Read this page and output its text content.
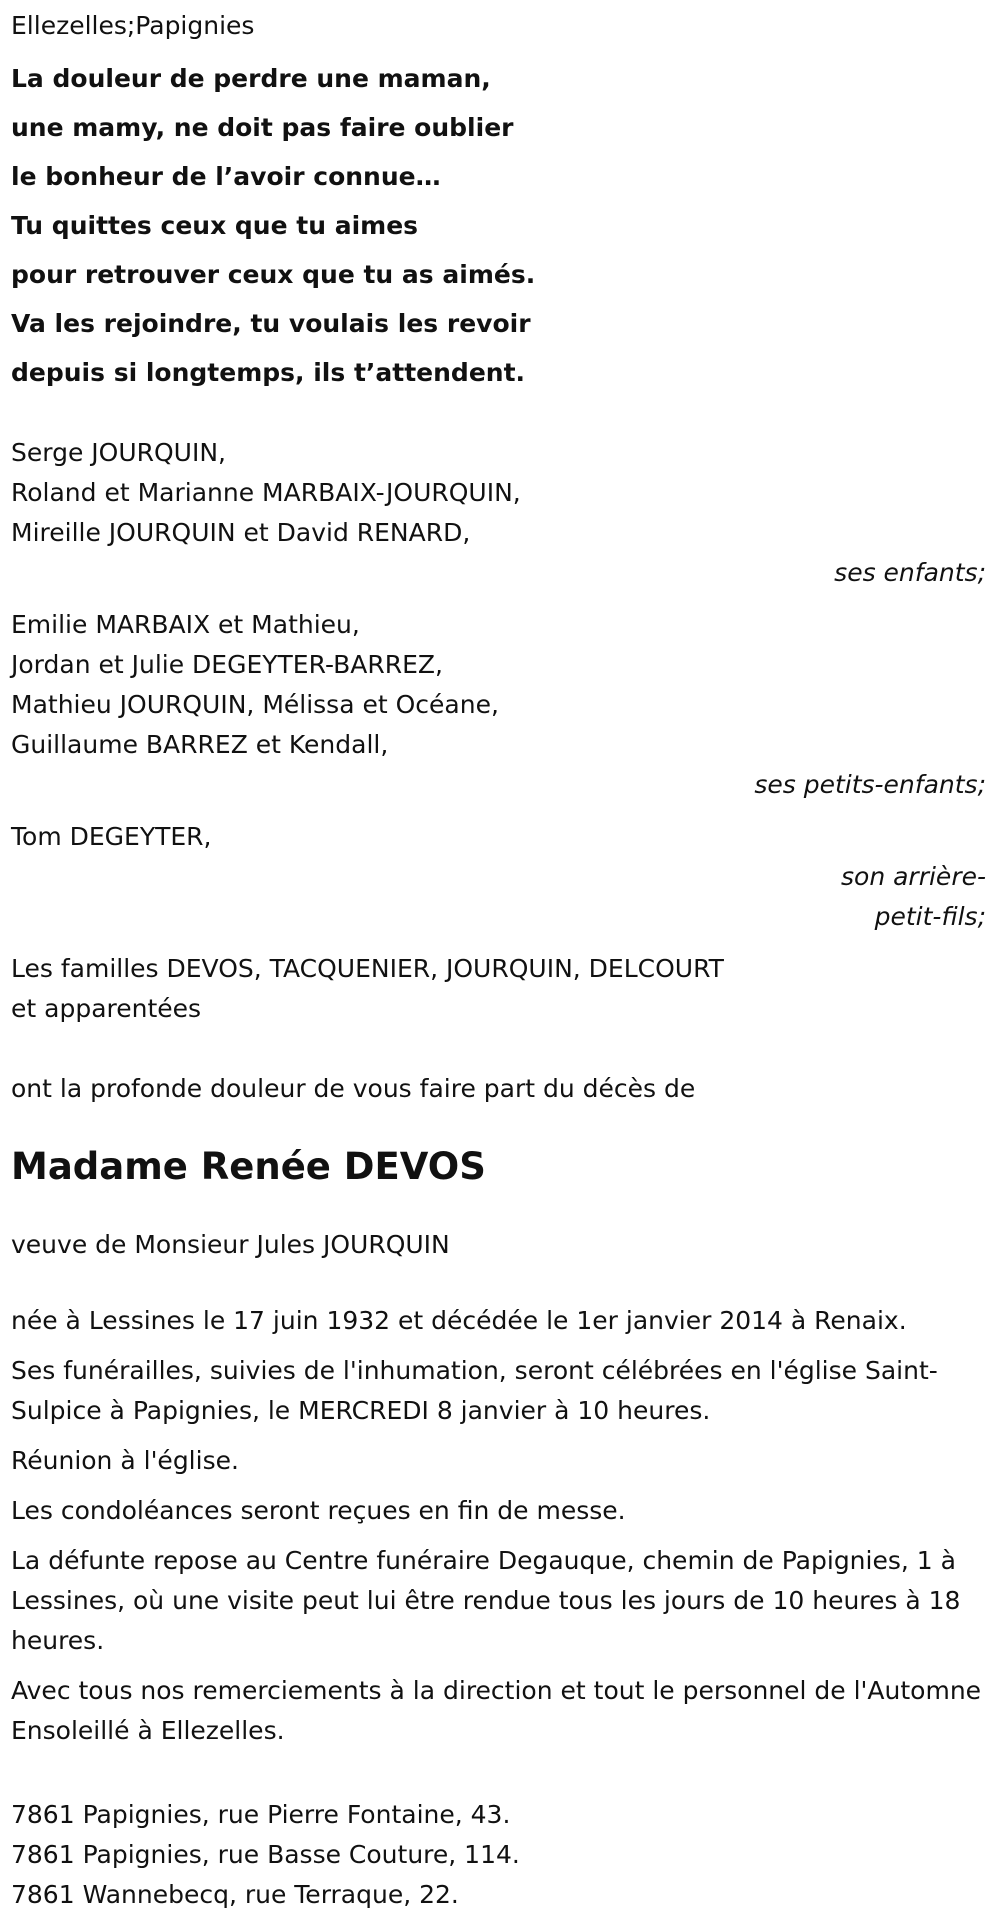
Ellezelles;Papignies
La douleur de perdre une maman,
une mamy, ne doit pas faire oublier
le bonheur de l’avoir connue…
Tu quittes ceux que tu aimes
pour retrouver ceux que tu as aimés.
Va les rejoindre, tu voulais les revoir
depuis si longtemps, ils t’attendent.
Serge JOURQUIN,
Roland et Marianne MARBAIX-JOURQUIN,
Mireille JOURQUIN et David RENARD,
ses enfants;
Emilie MARBAIX et Mathieu,
Jordan et Julie DEGEYTER-BARREZ,
Mathieu JOURQUIN, Mélissa et Océane,
Guillaume BARREZ et Kendall,
ses petits-enfants;
Tom DEGEYTER,
son arrière-
petit-fils;
Les familles DEVOS, TACQUENIER, JOURQUIN, DELCOURT
et apparentées
ont la profonde douleur de vous faire part du décès de
Madame Renée DEVOS
veuve de Monsieur Jules JOURQUIN
née à Lessines le 17 juin 1932 et décédée le 1er janvier 2014 à Renaix.
Ses funérailles, suivies de l'inhumation, seront célébrées en l'église Saint-Sulpice à Papignies, le MERCREDI 8 janvier à 10 heures.
Réunion à l'église.
Les condoléances seront reçues en fin de messe.
La défunte repose au Centre funéraire Degauque, chemin de Papignies, 1 à Lessines, où une visite peut lui être rendue tous les jours de 10 heures à 18 heures.
Avec tous nos remerciements à la direction et tout le personnel de l'Automne Ensoleillé à Ellezelles.
7861 Papignies, rue Pierre Fontaine, 43.
7861 Papignies, rue Basse Couture, 114.
7861 Wannebecq, rue Terraque, 22.
